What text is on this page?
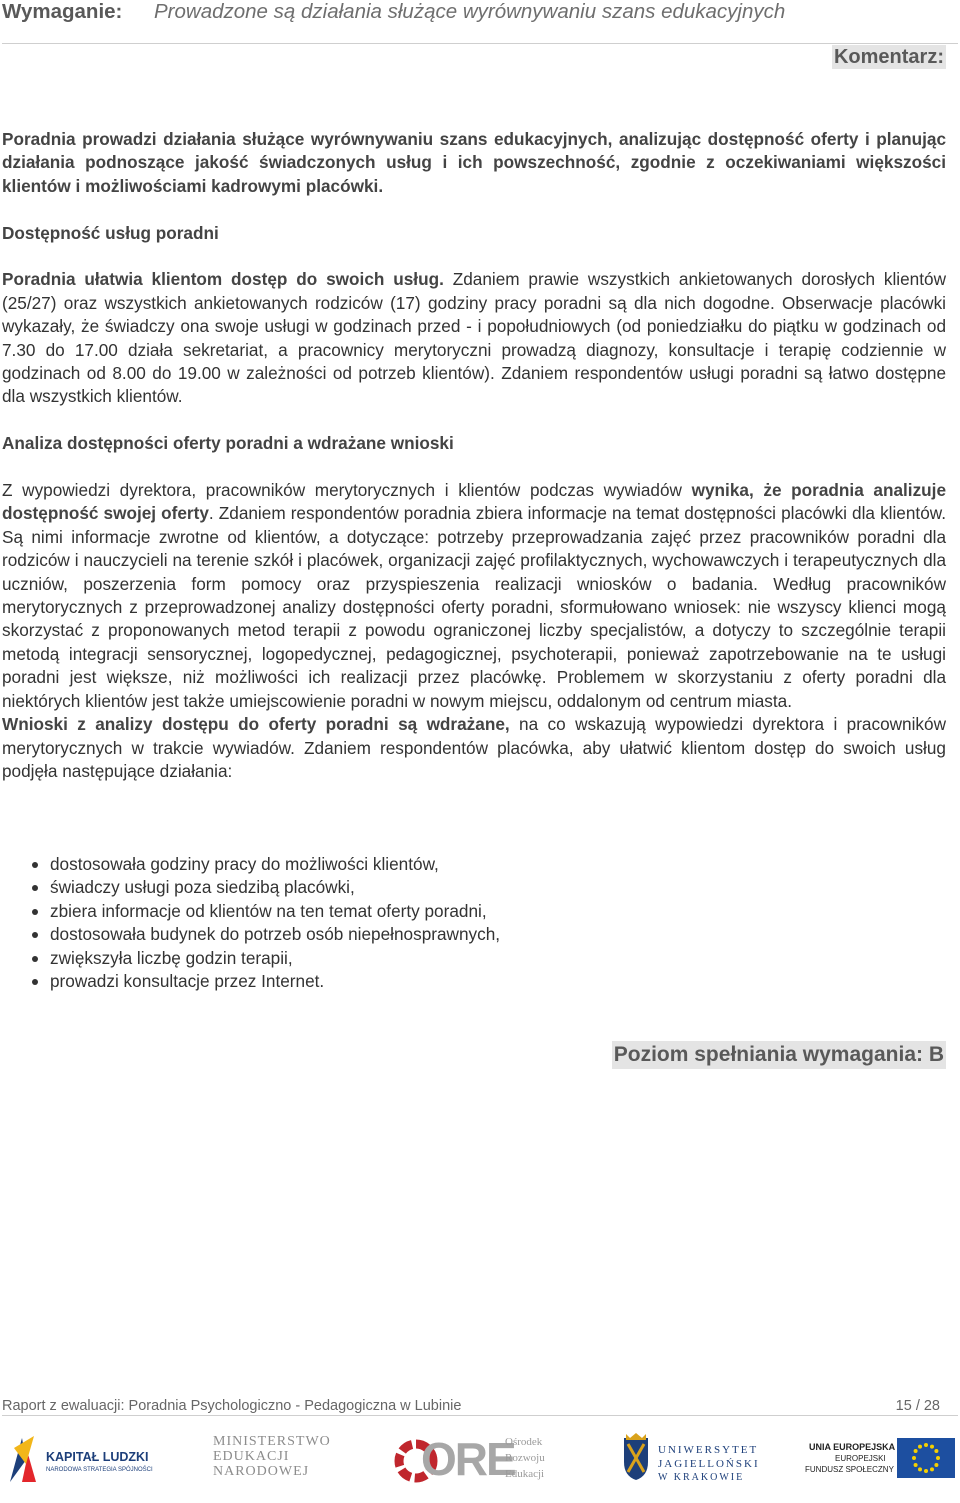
Wymaganie: Prowadzone są działania służące wyrównywaniu szans edukacyjnych
Komentarz:

Poradnia prowadzi działania służące wyrównywaniu szans edukacyjnych, analizując dostępność oferty i planując działania podnoszące jakość świadczonych usług i ich powszechność, zgodnie z oczekiwaniami większości klientów i możliwościami kadrowymi placówki.

Dostępność usług poradni

Poradnia ułatwia klientom dostęp do swoich usług. Zdaniem prawie wszystkich ankietowanych dorosłych klientów (25/27) oraz wszystkich ankietowanych rodziców (17) godziny pracy poradni są dla nich dogodne. Obserwacje placówki wykazały, że świadczy ona swoje usługi w godzinach przed - i popołudniowych (od poniedziałku do piątku w godzinach od 7.30 do 17.00 działa sekretariat, a pracownicy merytoryczni prowadzą diagnozy, konsultacje i terapię codziennie w godzinach od 8.00 do 19.00 w zależności od potrzeb klientów). Zdaniem respondentów usługi poradni są łatwo dostępne dla wszystkich klientów.

Analiza dostępności oferty poradni a wdrażane wnioski

Z wypowiedzi dyrektora, pracowników merytorycznych i klientów podczas wywiadów wynika, że poradnia analizuje dostępność swojej oferty. Zdaniem respondentów poradnia zbiera informacje na temat dostępności placówki dla klientów. Są nimi informacje zwrotne od klientów, a dotyczące: potrzeby przeprowadzania zajęć przez pracowników poradni dla rodziców i nauczycieli na terenie szkół i placówek, organizacji zajęć profilaktycznych, wychowawczych i terapeutycznych dla uczniów, poszerzenia form pomocy oraz przyspieszenia realizacji wniosków o badania. Według pracowników merytorycznych z przeprowadzonej analizy dostępności oferty poradni, sformułowano wniosek: nie wszyscy klienci mogą skorzystać z proponowanych metod terapii z powodu ograniczonej liczby specjalistów, a dotyczy to szczególnie terapii metodą integracji sensorycznej, logopedycznej, pedagogicznej, psychoterapii, ponieważ zapotrzebowanie na te usługi poradni jest większe, niż możliwości ich realizacji przez placówkę. Problemem w skorzystaniu z oferty poradni dla niektórych klientów jest także umiejscowienie poradni w nowym miejscu, oddalonym od centrum miasta.

Wnioski z analizy dostępu do oferty poradni są wdrażane, na co wskazują wypowiedzi dyrektora i pracowników merytorycznych w trakcie wywiadów. Zdaniem respondentów placówka, aby ułatwić klientom dostęp do swoich usług podjęła następujące działania:

dostosowała godziny pracy do możliwości klientów,
świadczy usługi poza siedzibą placówki,
zbiera informacje od klientów na ten temat oferty poradni,
dostosowała budynek do potrzeb osób niepełnosprawnych,
zwiększyła liczbę godzin terapii,
prowadzi konsultacje przez Internet.
Poziom spełniania wymagania: B
Raport z ewaluacji: Poradnia Psychologiczno - Pedagogiczna w Lubinie	15 / 28
KAPITAŁ LUDZKI
NARODOWA STRATEGIA SPÓJNOŚCI
MINISTERSTWO
EDUKACJI
NARODOWEJ ORE
Ośrodek
Rozwoju
Edukacji
UNIWERSYTET
JAGIELLOŃSKI
W KRAKOWIE
UNIA EUROPEJSKA
EUROPEJSKI
FUNDUSZ SPOŁECZNY
